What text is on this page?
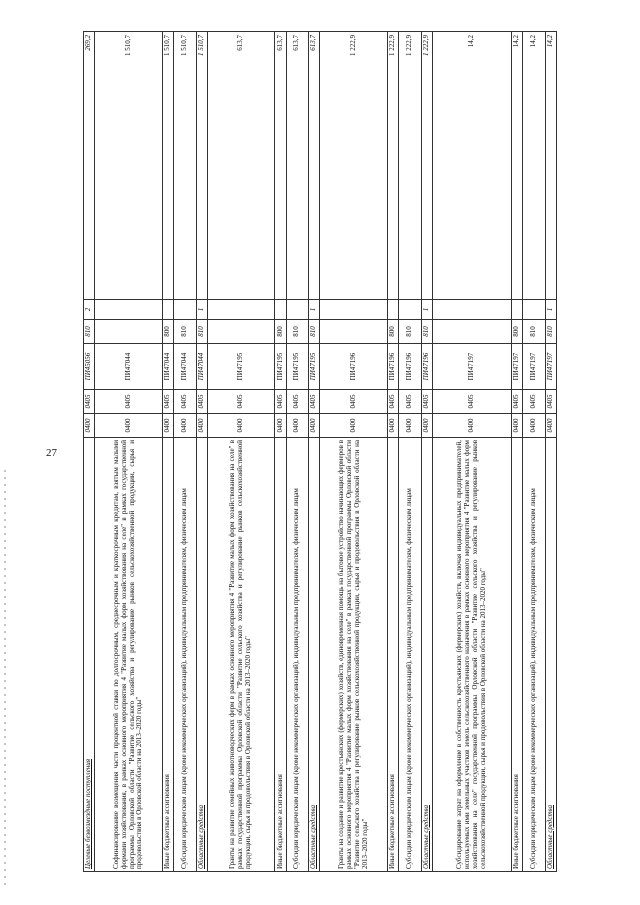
27
Целевые безвозмездные поступления	0400	0405	ПИ45056	810	2	269,2
Софинансирование возмещения части процентной ставки по долгосрочным, среднесрочным и краткосрочным кредитам, взятым малыми формами хозяйствования, в рамках основного мероприятия 4 "Развитие малых форм хозяйствования на селе" в рамках государственной программы Орловской области "Развитие сельского хозяйства и регулирование рынков сельскохозяйственной продукции, сырья и продовольствия в Орловской области на 2013–2020 годы"	0400	0405	ПИ47044			1 510,7
Иные бюджетные ассигнования	0400	0405	ПИ47044	800		1 510,7
Субсидии юридическим лицам (кроме некоммерческих организаций), индивидуальным предпринимателям, физическим лицам	0400	0405	ПИ47044	810		1 510,7
Областные средства	0400	0405	ПИ47044	810	1	1 510,7
Гранты на развитие семейных животноводческих ферм в рамках основного мероприятия 4 "Развитие малых форм хозяйствования на селе" в рамках государственной программы Орловской области "Развитие сельского хозяйства и регулирование рынков сельскохозяйственной продукции, сырья и продовольствия в Орловской области на 2013–2020 годы"	0400	0405	ПИ47195			613,7
Иные бюджетные ассигнования	0400	0405	ПИ47195	800		613,7
Субсидии юридическим лицам (кроме некоммерческих организаций), индивидуальным предпринимателям, физическим лицам	0400	0405	ПИ47195	810		613,7
Областные средства	0400	0405	ПИ47195	810	1	613,7
Гранты на создание и развитие крестьянских (фермерских) хозяйств, единовременная помощь на бытовое устройство начинающих фермеров в рамках основного мероприятия 4 "Развитие малых форм хозяйствования на селе" в рамках государственной программы Орловской области "Развитие сельского хозяйства и регулирование рынков сельскохозяйственной продукции, сырья и продовольствия в Орловской области на 2013–2020 годы"	0400	0405	ПИ47196			1 222,9
Иные бюджетные ассигнования	0400	0405	ПИ47196	800		1 222,9
Субсидии юридическим лицам (кроме некоммерческих организаций), индивидуальным предпринимателям, физическим лицам	0400	0405	ПИ47196	810		1 222,9
Областные средства	0400	0405	ПИ47196	810	1	1 222,9
Субсидирование затрат на оформление в собственность крестьянских (фермерских) хозяйств, включая индивидуальных предпринимателей, используемых ими земельных участков земель сельскохозяйственного назначения в рамках основного мероприятия 4 "Развитие малых форм хозяйствования на селе" государственной программы Орловской области "Развитие сельского хозяйства и регулирование рынков сельскохозяйственной продукции, сырья и продовольствия в Орловской области на 2013–2020 годы"	0400	0405	ПИ47197			14,2
Иные бюджетные ассигнования	0400	0405	ПИ47197	800		14,2
Субсидии юридическим лицам (кроме некоммерческих организаций), индивидуальным предпринимателям, физическим лицам	0400	0405	ПИ47197	810		14,2
Областные средства	0400	0405	ПИ47197	810	1	14,2
